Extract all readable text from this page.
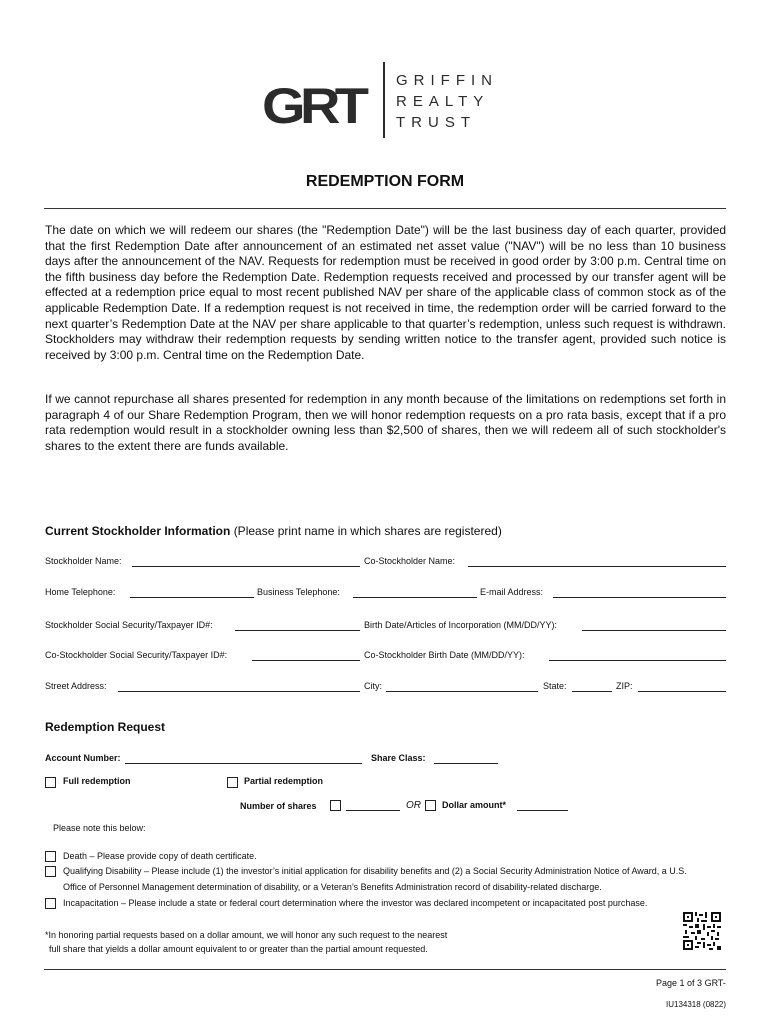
GRT GRIFFIN
REALTY
TRUST
REDEMPTION FORM
The date on which we will redeem our shares (the "Redemption Date") will be the last business day of each quarter, provided that the first Redemption Date after announcement of an estimated net asset value ("NAV") will be no less than 10 business days after the announcement of the NAV. Requests for redemption must be received in good order by 3:00 p.m. Central time on the fifth business day before the Redemption Date. Redemption requests received and processed by our transfer agent will be effected at a redemption price equal to most recent published NAV per share of the applicable class of common stock as of the applicable Redemption Date. If a redemption request is not received in time, the redemption order will be carried forward to the next quarter’s Redemption Date at the NAV per share applicable to that quarter’s redemption, unless such request is withdrawn. Stockholders may withdraw their redemption requests by sending written notice to the transfer agent, provided such notice is received by 3:00 p.m. Central time on the Redemption Date.
If we cannot repurchase all shares presented for redemption in any month because of the limitations on redemptions set forth in paragraph 4 of our Share Redemption Program, then we will honor redemption requests on a pro rata basis, except that if a pro rata redemption would result in a stockholder owning less than $2,500 of shares, then we will redeem all of such stockholder's shares to the extent there are funds available.
Current Stockholder Information (Please print name in which shares are registered)
Stockholder Name:	Co-Stockholder Name:
Home Telephone:	Business Telephone:	E-mail Address:
Stockholder Social Security/Taxpayer ID#:	Birth Date/Articles of Incorporation (MM/DD/YY):
Co-Stockholder Social Security/Taxpayer ID#:	Co-Stockholder Birth Date (MM/DD/YY):
Street Address:	City:	State:	ZIP:
Redemption Request
Account Number:	Share Class:
Full redemption	Partial redemption
Number of shares	OR Dollar amount*
Please note this below:
Death – Please provide copy of death certificate.
Qualifying Disability – Please include (1) the investor’s initial application for disability benefits and (2) a Social Security Administration Notice of Award, a U.S.
Office of Personnel Management determination of disability, or a Veteran’s Benefits Administration record of disability-related discharge.
Incapacitation – Please include a state or federal court determination where the investor was declared incompetent or incapacitated post purchase.
*In honoring partial requests based on a dollar amount, we will honor any such request to the nearest
full share that yields a dollar amount equivalent to or greater than the partial amount requested.
Page 1 of 3 GRT-
IU134318 (0822)
